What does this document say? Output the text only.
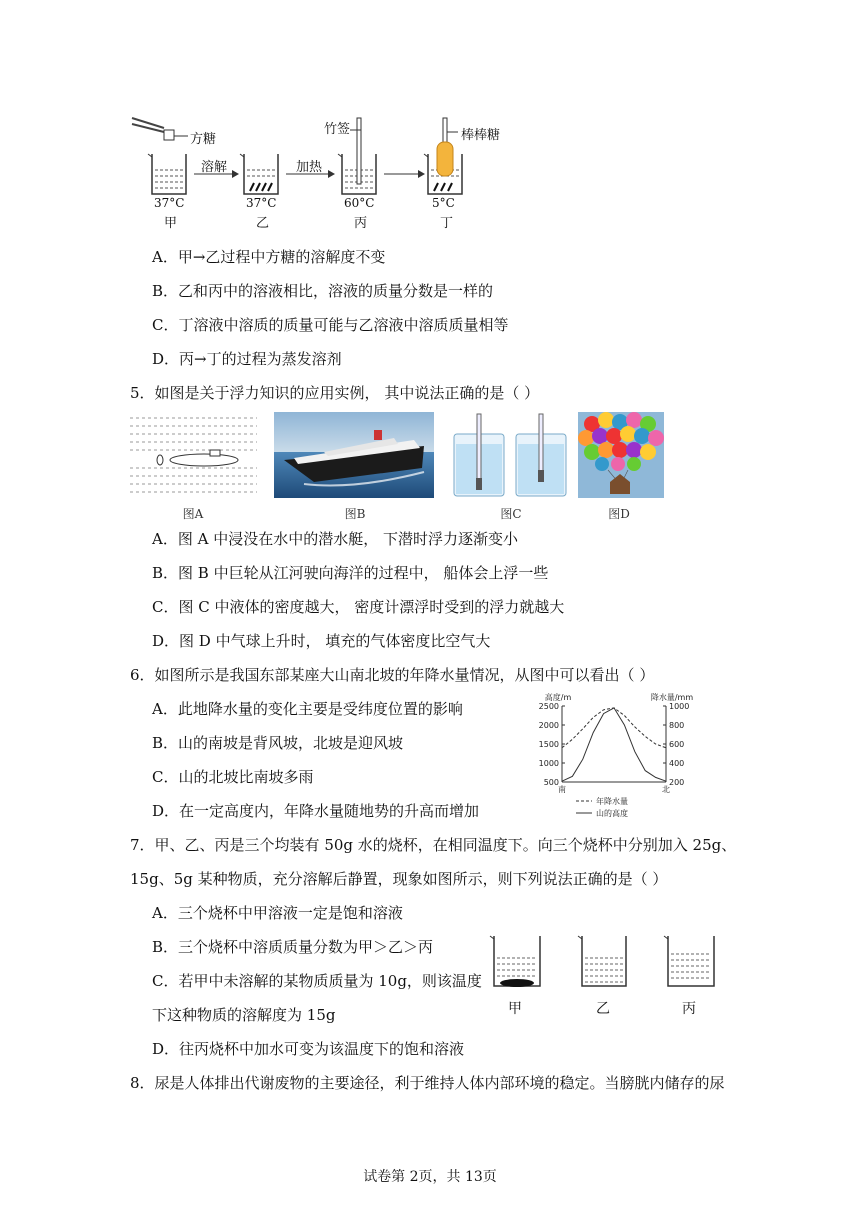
方糖
溶解	加热
竹签	棒棒糖
37°C	37°C	60°C	5°C
甲	乙	丙	丁
A．甲→乙过程中方糖的溶解度不变
B．乙和丙中的溶液相比，溶液的质量分数是一样的
C．丁溶液中溶质的质量可能与乙溶液中溶质质量相等
D．丙→丁的过程为蒸发溶剂
5．如图是关于浮力知识的应用实例， 其中说法正确的是（ ）
图A	图B	图C	图D
A．图 A 中浸没在水中的潜水艇， 下潜时浮力逐渐变小
B．图 B 中巨轮从江河驶向海洋的过程中， 船体会上浮一些
C．图 C 中液体的密度越大， 密度计漂浮时受到的浮力就越大
D．图 D 中气球上升时， 填充的气体密度比空气大
6．如图所示是我国东部某座大山南北坡的年降水量情况，从图中可以看出（ ）
A．此地降水量的变化主要是受纬度位置的影响
B．山的南坡是背风坡，北坡是迎风坡
C．山的北坡比南坡多雨
D．在一定高度内，年降水量随地势的升高而增加
高度/m	降水量/mm
2500
2000
1500
1000
500
1000
800
600
400
200
南	北
年降水量
山的高度
7．甲、乙、丙是三个均装有 50g 水的烧杯，在相同温度下。向三个烧杯中分别加入 25g、
15g、5g 某种物质，充分溶解后静置，现象如图所示，则下列说法正确的是（ ）
A．三个烧杯中甲溶液一定是饱和溶液
B．三个烧杯中溶质质量分数为甲＞乙＞丙
C．若甲中未溶解的某物质质量为 10g，则该温度
下这种物质的溶解度为 15g
D．往丙烧杯中加水可变为该温度下的饱和溶液
甲	乙	丙
8．尿是人体排出代谢废物的主要途径，利于维持人体内部环境的稳定。当膀胱内储存的尿
试卷第 2页，共 13页
